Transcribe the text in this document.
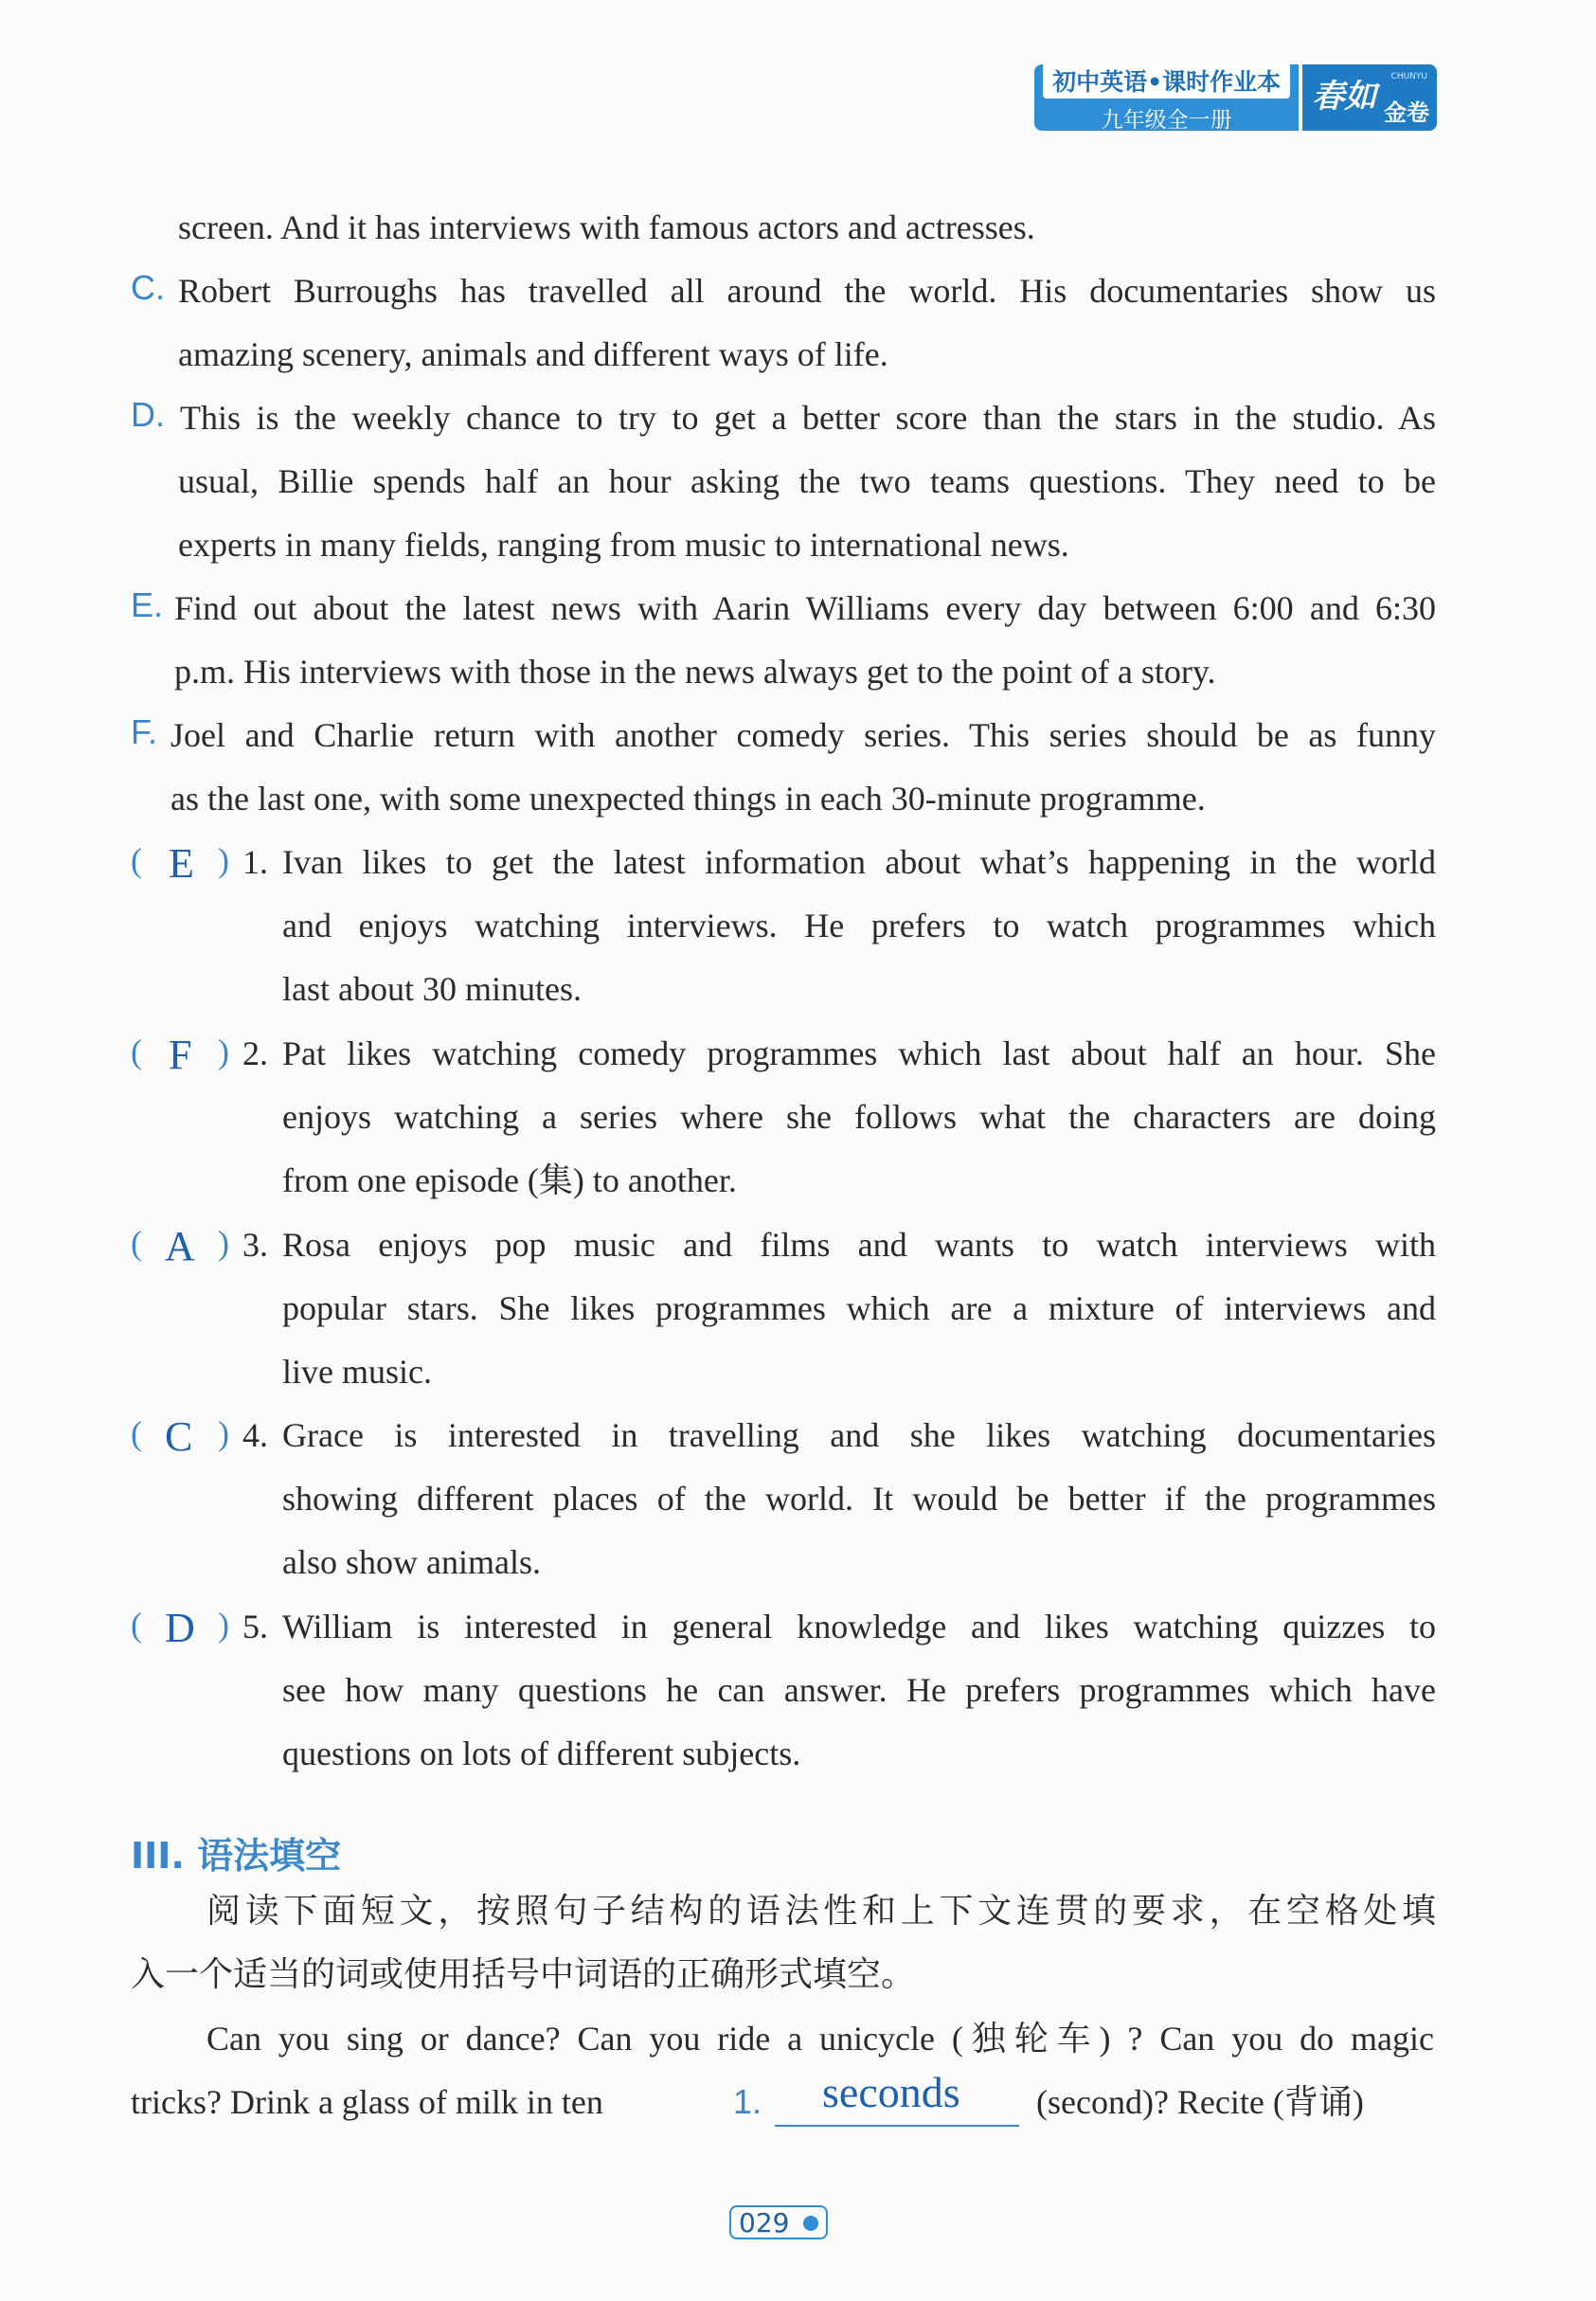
初中英语•课时作业本
九年级全一册
春如
CHUNYU
金卷
screen. And it has interviews with famous actors and actresses.
C. Robert Burroughs has travelled all around the world. His documentaries show us
amazing scenery, animals and different ways of life.
D. This is the weekly chance to try to get a better score than the stars in the studio. As
usual, Billie spends half an hour asking the two teams questions. They need to be
experts in many fields, ranging from music to international news.
E. Find out about the latest news with Aarin Williams every day between 6:00 and 6:30
p.m. His interviews with those in the news always get to the point of a story.
F. Joel and Charlie return with another comedy series. This series should be as funny
as the last one, with some unexpected things in each 30-minute programme.
( E ) 1. Ivan likes to get the latest information about what’s happening in the world
and enjoys watching interviews. He prefers to watch programmes which
last about 30 minutes.
( F ) 2. Pat likes watching comedy programmes which last about half an hour. She
enjoys watching a series where she follows what the characters are doing
from one episode (集) to another.
( A ) 3. Rosa enjoys pop music and films and wants to watch interviews with
popular stars. She likes programmes which are a mixture of interviews and
live music.
( C ) 4. Grace is interested in travelling and she likes watching documentaries
showing different places of the world. It would be better if the programmes
also show animals.
( D ) 5. William is interested in general knowledge and likes watching quizzes to
see how many questions he can answer. He prefers programmes which have
questions on lots of different subjects.
III. 语法填空
阅读下面短文，按照句子结构的语法性和上下文连贯的要求，在空格处填
入一个适当的词或使用括号中词语的正确形式填空。
Can you sing or dance? Can you ride a unicycle (独轮车) ? Can you do magic
tricks? Drink a glass of milk in ten	1. seconds (second)? Recite (背诵)
029
